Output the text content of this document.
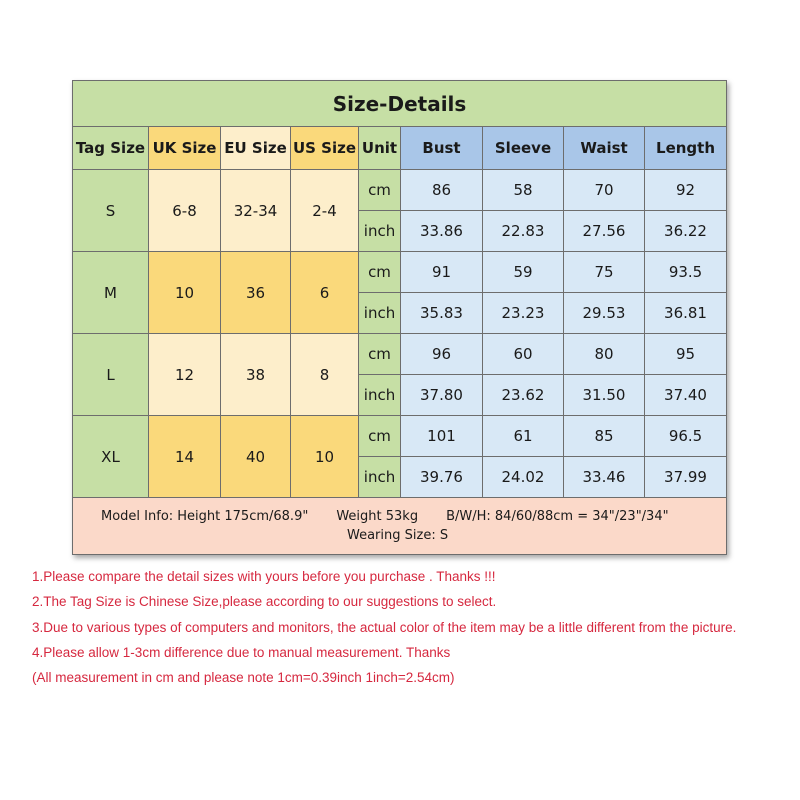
Size-Details								
Tag Size	UK Size	EU Size	US Size	Unit	Bust	Sleeve	Waist	Length
S	6-8	32-34	2-4	cm	86	58	70	92
				inch	33.86	22.83	27.56	36.22
M	10	36	6	cm	91	59	75	93.5
				inch	35.83	23.23	29.53	36.81
L	12	38	8	cm	96	60	80	95
				inch	37.80	23.62	31.50	37.40
XL	14	40	10	cm	101	61	85	96.5
				inch	39.76	24.02	33.46	37.99

Model Info: Height 175cm/68.9" Weight 53kg B/W/H: 84/60/88cm = 34"/23"/34"
Wearing Size: S								
1.Please compare the detail sizes with yours before you purchase . Thanks !!!
2.The Tag Size is Chinese Size,please according to our suggestions to select.
3.Due to various types of computers and monitors, the actual color of the item may be a little different from the picture.
4.Please allow 1-3cm difference due to manual measurement. Thanks
(All measurement in cm and please note 1cm=0.39inch 1inch=2.54cm)
